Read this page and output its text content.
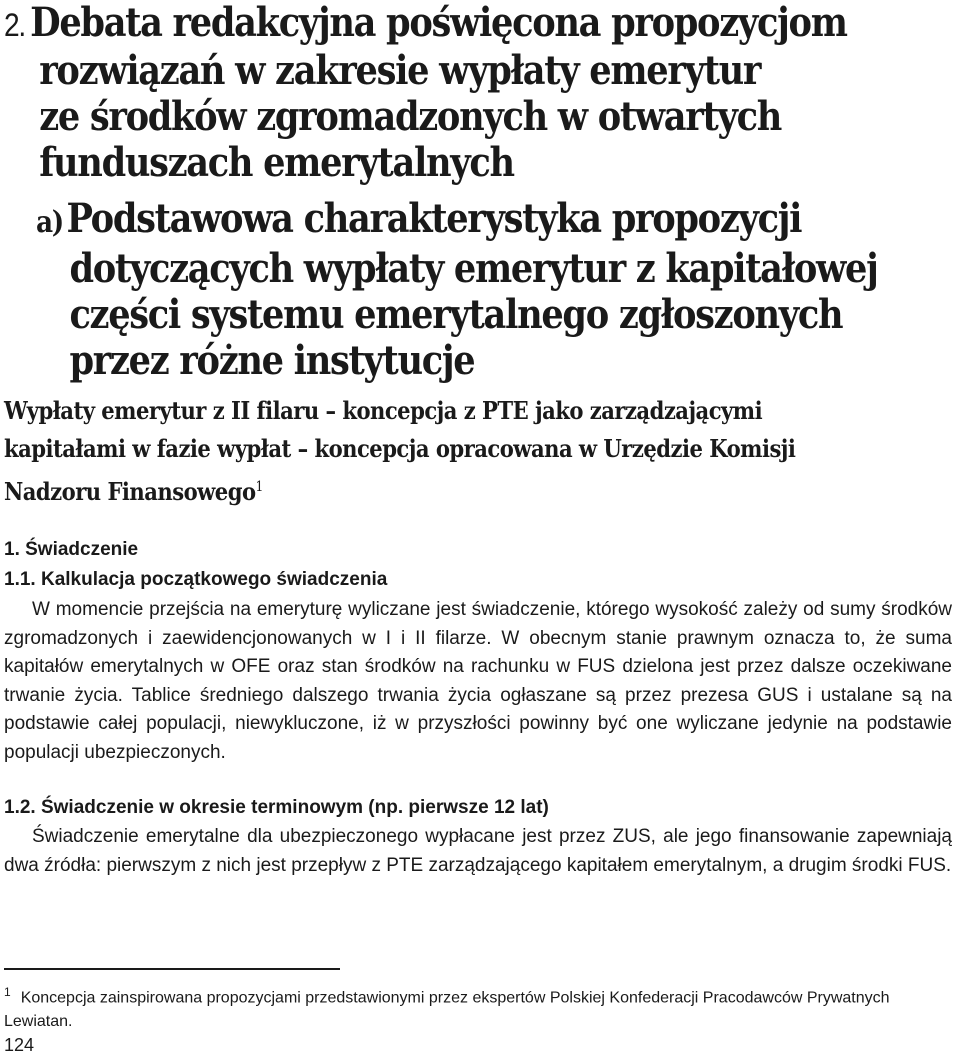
2. Debata redakcyjna poświęcona propozycjom
rozwiązań w zakresie wypłaty emerytur
ze środków zgromadzonych w otwartych
funduszach emerytalnych
a)Podstawowa charakterystyka propozycji
dotyczących wypłaty emerytur z kapitałowej
części systemu emerytalnego zgłoszonych
przez różne instytucje
Wypłaty emerytur z II filaru – koncepcja z PTE jako zarządzającymi
kapitałami w fazie wypłat – koncepcja opracowana w Urzędzie Komisji
Nadzoru Finansowego$^1$
1. Świadczenie
1.1. Kalkulacja początkowego świadczenia

W momencie przejścia na emeryturę wyliczane jest świadczenie, którego wysokość zależy od sumy środków zgromadzonych i zaewidencjonowanych w I i II filarze. W obecnym stanie prawnym oznacza to, że suma kapitałów emerytalnych w OFE oraz stan środków na rachunku w FUS dzielona jest przez dalsze oczekiwane trwanie życia. Tablice średniego dalszego trwania życia ogłaszane są przez prezesa GUS i ustalane są na podstawie całej populacji, niewykluczone, iż w przyszłości powinny być one wyliczane jedynie na podstawie populacji ubezpieczonych.

1.2. Świadczenie w okresie terminowym (np. pierwsze 12 lat)

Świadczenie emerytalne dla ubezpieczonego wypłacane jest przez ZUS, ale jego finansowanie zapewniają dwa źródła: pierwszym z nich jest przepływ z PTE zarządzającego kapitałem emerytalnym, a drugim środki FUS.

$^1$ Koncepcja zainspirowana propozycjami przedstawionymi przez ekspertów Polskiej Konfederacji Pracodawców Prywatnych Lewiatan.
124
